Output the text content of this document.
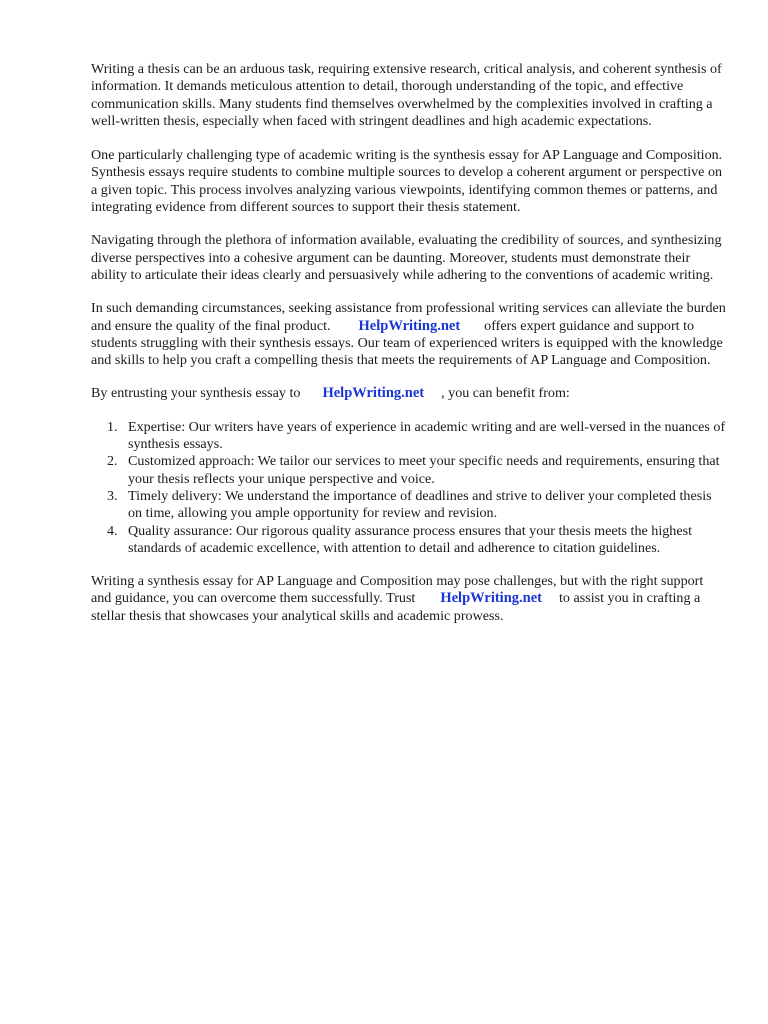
Writing a thesis can be an arduous task, requiring extensive research, critical analysis, and coherent synthesis of information. It demands meticulous attention to detail, thorough understanding of the topic, and effective communication skills. Many students find themselves overwhelmed by the complexities involved in crafting a well-written thesis, especially when faced with stringent deadlines and high academic expectations.

One particularly challenging type of academic writing is the synthesis essay for AP Language and Composition. Synthesis essays require students to combine multiple sources to develop a coherent argument or perspective on a given topic. This process involves analyzing various viewpoints, identifying common themes or patterns, and integrating evidence from different sources to support their thesis statement.

Navigating through the plethora of information available, evaluating the credibility of sources, and synthesizing diverse perspectives into a cohesive argument can be daunting. Moreover, students must demonstrate their ability to articulate their ideas clearly and persuasively while adhering to the conventions of academic writing.

In such demanding circumstances, seeking assistance from professional writing services can alleviate the burden and ensure the quality of the final product. HelpWriting.net offers expert guidance and support to students struggling with their synthesis essays. Our team of experienced writers is equipped with the knowledge and skills to help you craft a compelling thesis that meets the requirements of AP Language and Composition.

By entrusting your synthesis essay to HelpWriting.net , you can benefit from:

1. Expertise: Our writers have years of experience in academic writing and are well-versed in the nuances of synthesis essays.
2. Customized approach: We tailor our services to meet your specific needs and requirements, ensuring that your thesis reflects your unique perspective and voice.
3. Timely delivery: We understand the importance of deadlines and strive to deliver your completed thesis on time, allowing you ample opportunity for review and revision.
4. Quality assurance: Our rigorous quality assurance process ensures that your thesis meets the highest standards of academic excellence, with attention to detail and adherence to citation guidelines.

Writing a synthesis essay for AP Language and Composition may pose challenges, but with the right support and guidance, you can overcome them successfully. Trust HelpWriting.net to assist you in crafting a stellar thesis that showcases your analytical skills and academic prowess.
